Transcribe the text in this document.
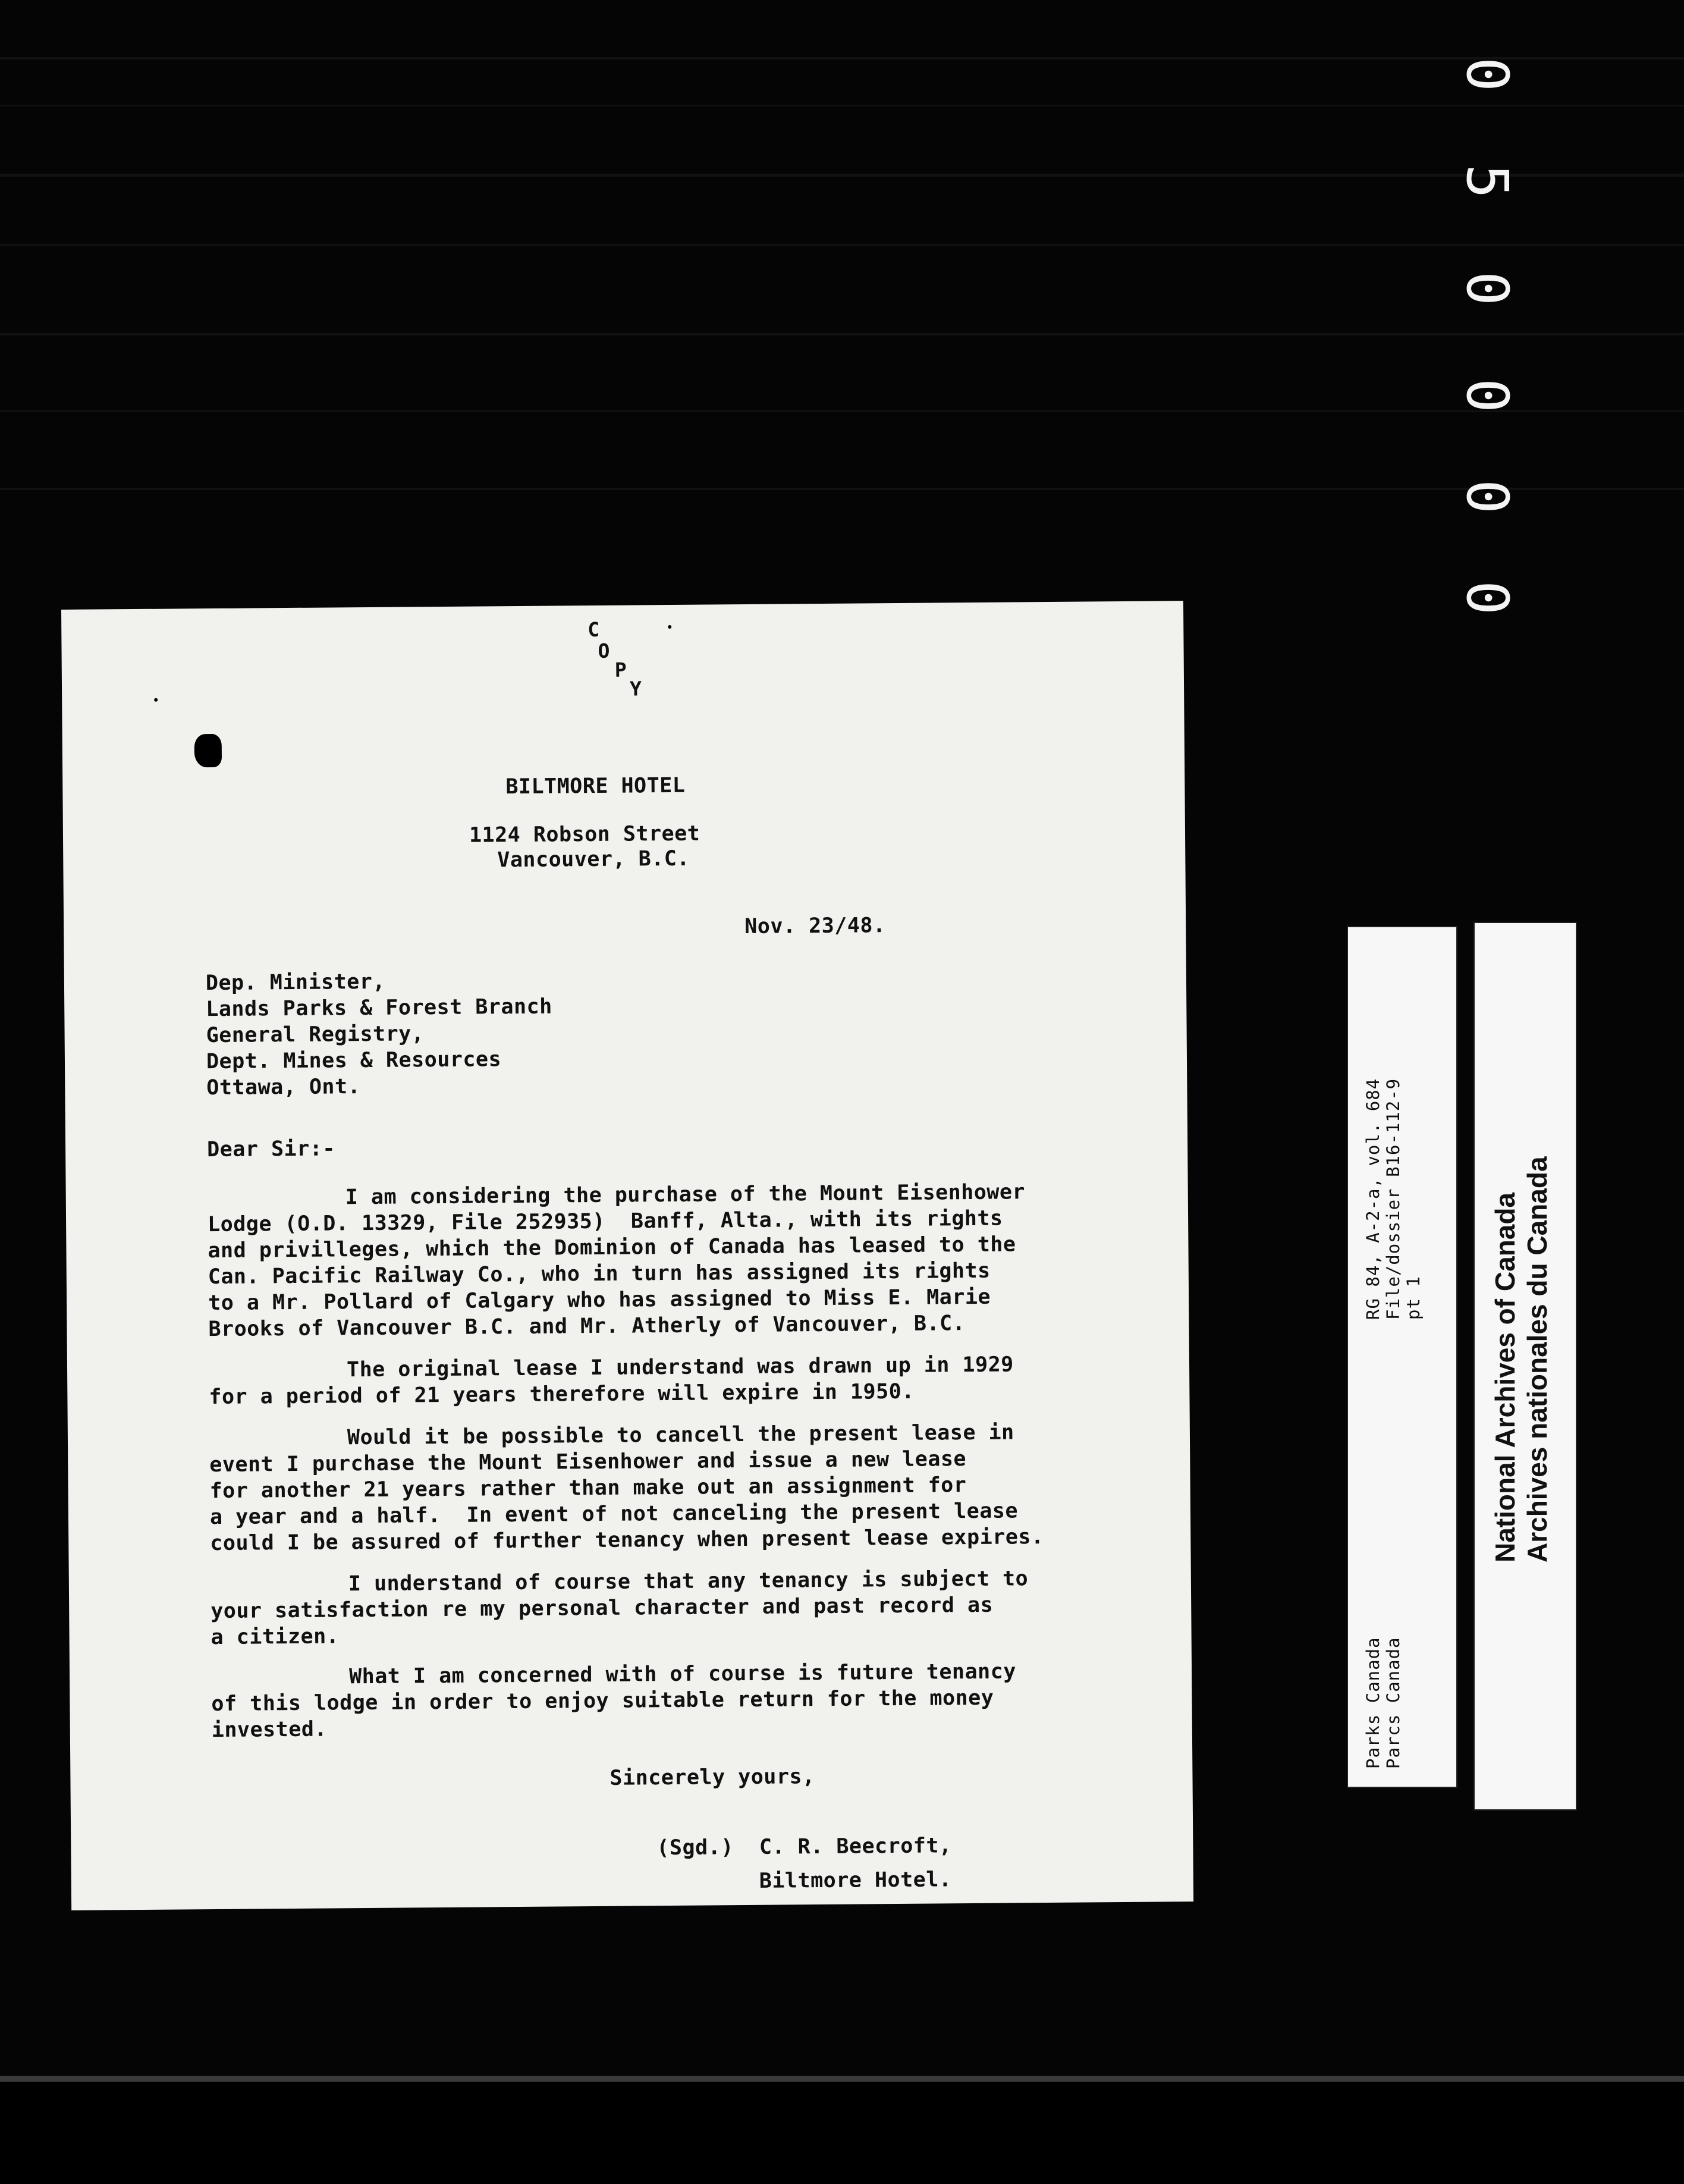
0
5
0
0
0
0
C
O
P
Y
BILTMORE HOTEL
1124 Robson Street
Vancouver, B.C.
Nov. 23/48.
Dep. Minister,
Lands Parks & Forest Branch
General Registry,
Dept. Mines & Resources
Ottawa, Ont.
Dear Sir:-
I am considering the purchase of the Mount Eisenhower
Lodge (O.D. 13329, File 252935)  Banff, Alta., with its rights
and privilleges, which the Dominion of Canada has leased to the
Can. Pacific Railway Co., who in turn has assigned its rights
to a Mr. Pollard of Calgary who has assigned to Miss E. Marie
Brooks of Vancouver B.C. and Mr. Atherly of Vancouver, B.C.
The original lease I understand was drawn up in 1929
for a period of 21 years therefore will expire in 1950.
Would it be possible to cancell the present lease in
event I purchase the Mount Eisenhower and issue a new lease
for another 21 years rather than make out an assignment for
a year and a half.  In event of not canceling the present lease
could I be assured of further tenancy when present lease expires.
I understand of course that any tenancy is subject to
your satisfaction re my personal character and past record as
a citizen.
What I am concerned with of course is future tenancy
of this lodge in order to enjoy suitable return for the money
invested.
Sincerely yours,
(Sgd.)  C. R. Beecroft,
Biltmore Hotel.
RG 84, A-2-a, vol. 684 File/dossier B16-112-9 pt 1
Parks Canada Parcs Canada
National Archives of Canada Archives nationales du Canada
